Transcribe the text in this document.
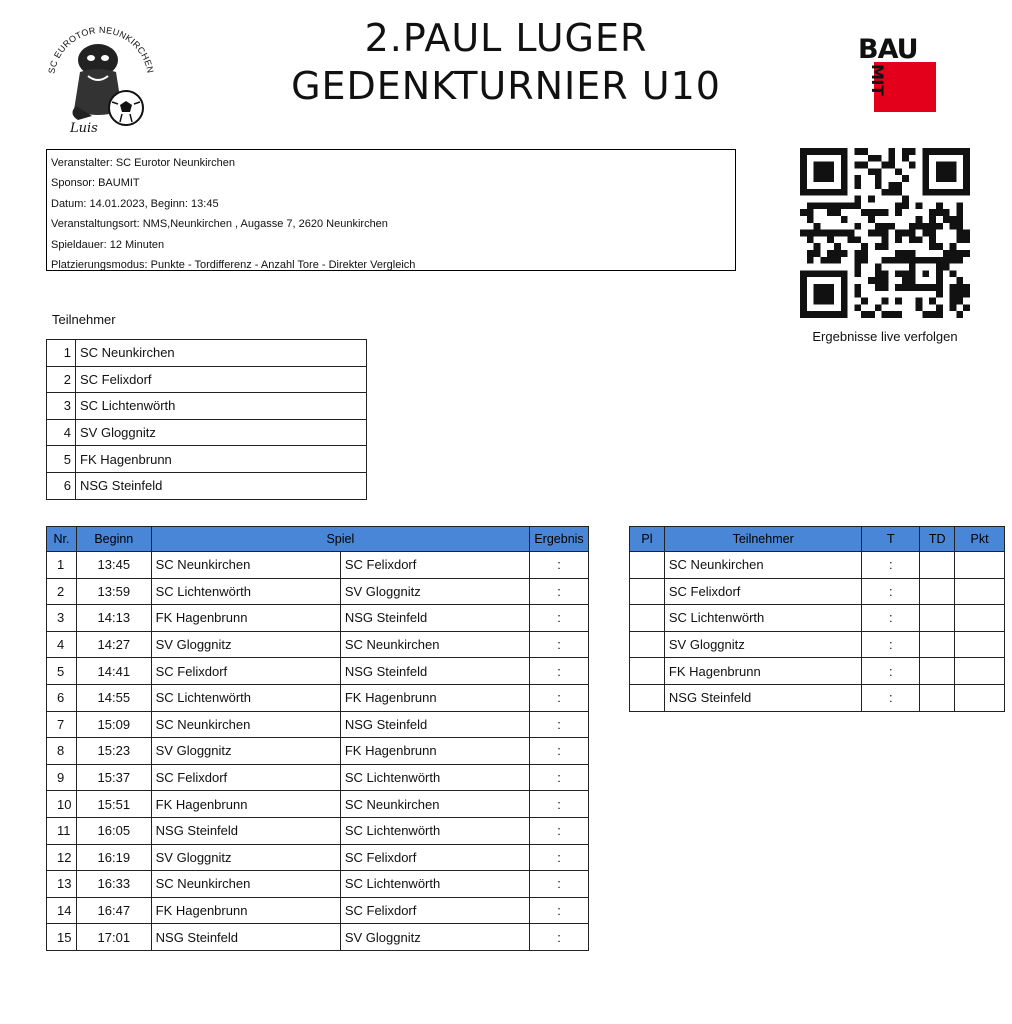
SC EUROTOR NEUNKIRCHEN
Luis
2.PAUL LUGER
GEDENKTURNIER U10
BAU
MIT
Veranstalter: SC Eurotor Neunkirchen
Sponsor: BAUMIT
Datum: 14.01.2023, Beginn: 13:45
Veranstaltungsort: NMS,Neunkirchen , Augasse 7, 2620 Neunkirchen
Spieldauer: 12 Minuten
Platzierungsmodus: Punkte - Tordifferenz - Anzahl Tore - Direkter Vergleich
Ergebnisse live verfolgen
Teilnehmer
1	SC Neunkirchen
2	SC Felixdorf
3	SC Lichtenwörth
4	SV Gloggnitz
5	FK Hagenbrunn
6	NSG Steinfeld
Nr.	Beginn	Spiel		Ergebnis
1	13:45	SC Neunkirchen	SC Felixdorf	:
2	13:59	SC Lichtenwörth	SV Gloggnitz	:
3	14:13	FK Hagenbrunn	NSG Steinfeld	:
4	14:27	SV Gloggnitz	SC Neunkirchen	:
5	14:41	SC Felixdorf	NSG Steinfeld	:
6	14:55	SC Lichtenwörth	FK Hagenbrunn	:
7	15:09	SC Neunkirchen	NSG Steinfeld	:
8	15:23	SV Gloggnitz	FK Hagenbrunn	:
9	15:37	SC Felixdorf	SC Lichtenwörth	:
10	15:51	FK Hagenbrunn	SC Neunkirchen	:
11	16:05	NSG Steinfeld	SC Lichtenwörth	:
12	16:19	SV Gloggnitz	SC Felixdorf	:
13	16:33	SC Neunkirchen	SC Lichtenwörth	:
14	16:47	FK Hagenbrunn	SC Felixdorf	:
15	17:01	NSG Steinfeld	SV Gloggnitz	:
Pl	Teilnehmer	T	TD	Pkt
	SC Neunkirchen	:		
	SC Felixdorf	:		
	SC Lichtenwörth	:		
	SV Gloggnitz	:		
	FK Hagenbrunn	:		
	NSG Steinfeld	:		
